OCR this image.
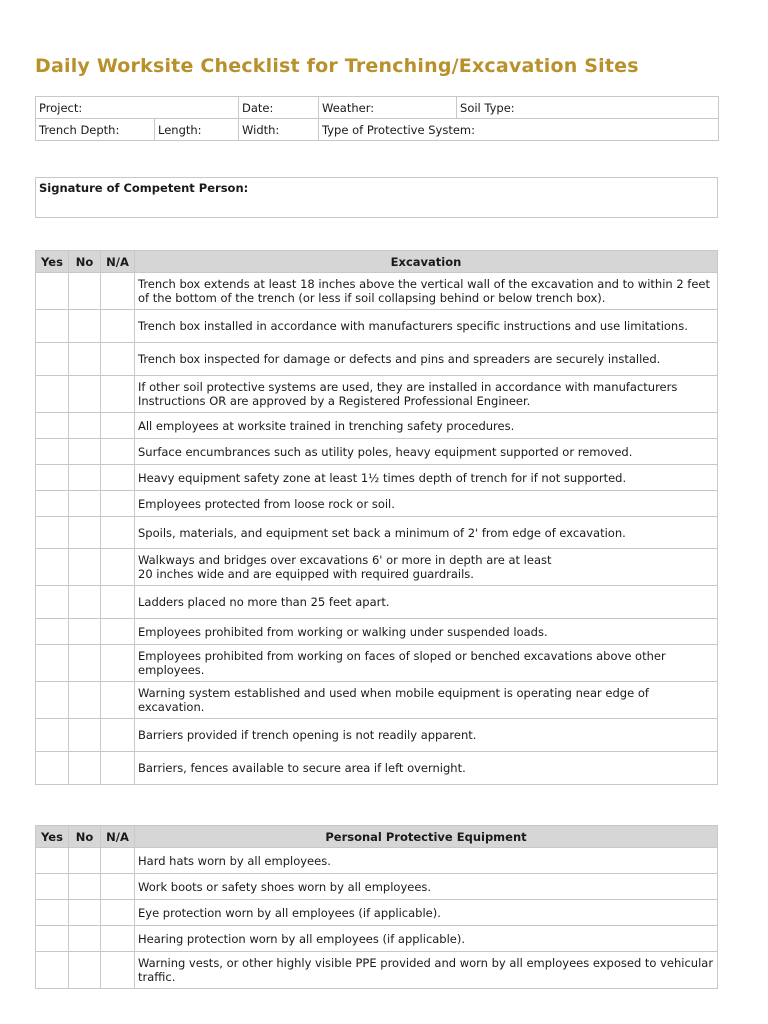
Daily Worksite Checklist for Trenching/Excavation Sites
Project:		Date:	Weather:	Soil Type:
Trench Depth:	Length:	Width:	Type of Protective System:	
Signature of Competent Person:
Yes	No	N/A	Excavation
			Trench box extends at least 18 inches above the vertical wall of the excavation and to within 2 feet of the bottom of the trench (or less if soil collapsing behind or below trench box).
			Trench box installed in accordance with manufacturers specific instructions and use limitations.
			Trench box inspected for damage or defects and pins and spreaders are securely installed.
			If other soil protective systems are used, they are installed in accordance with manufacturers Instructions OR are approved by a Registered Professional Engineer.
			All employees at worksite trained in trenching safety procedures.
			Surface encumbrances such as utility poles, heavy equipment supported or removed.
			Heavy equipment safety zone at least 1½ times depth of trench for if not supported.
			Employees protected from loose rock or soil.
			Spoils, materials, and equipment set back a minimum of 2' from edge of excavation.
			Walkways and bridges over excavations 6' or more in depth are at least
20 inches wide and are equipped with required guardrails.
			Ladders placed no more than 25 feet apart.
			Employees prohibited from working or walking under suspended loads.
			Employees prohibited from working on faces of sloped or benched excavations above other employees.
			Warning system established and used when mobile equipment is operating near edge of excavation.
			Barriers provided if trench opening is not readily apparent.
			Barriers, fences available to secure area if left overnight.
Yes	No	N/A	Personal Protective Equipment
			Hard hats worn by all employees.
			Work boots or safety shoes worn by all employees.
			Eye protection worn by all employees (if applicable).
			Hearing protection worn by all employees (if applicable).
			Warning vests, or other highly visible PPE provided and worn by all employees exposed to vehicular traffic.
